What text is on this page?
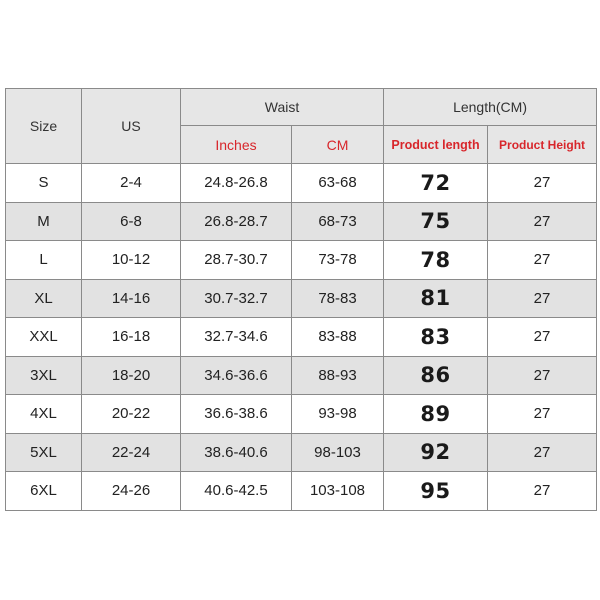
Size	US	Waist		Length(CM)	
		Inches	CM	Product length	Product Height
S	2-4	24.8-26.8	63-68	72	27
M	6-8	26.8-28.7	68-73	75	27
L	10-12	28.7-30.7	73-78	78	27
XL	14-16	30.7-32.7	78-83	81	27
XXL	16-18	32.7-34.6	83-88	83	27
3XL	18-20	34.6-36.6	88-93	86	27
4XL	20-22	36.6-38.6	93-98	89	27
5XL	22-24	38.6-40.6	98-103	92	27
6XL	24-26	40.6-42.5	103-108	95	27
